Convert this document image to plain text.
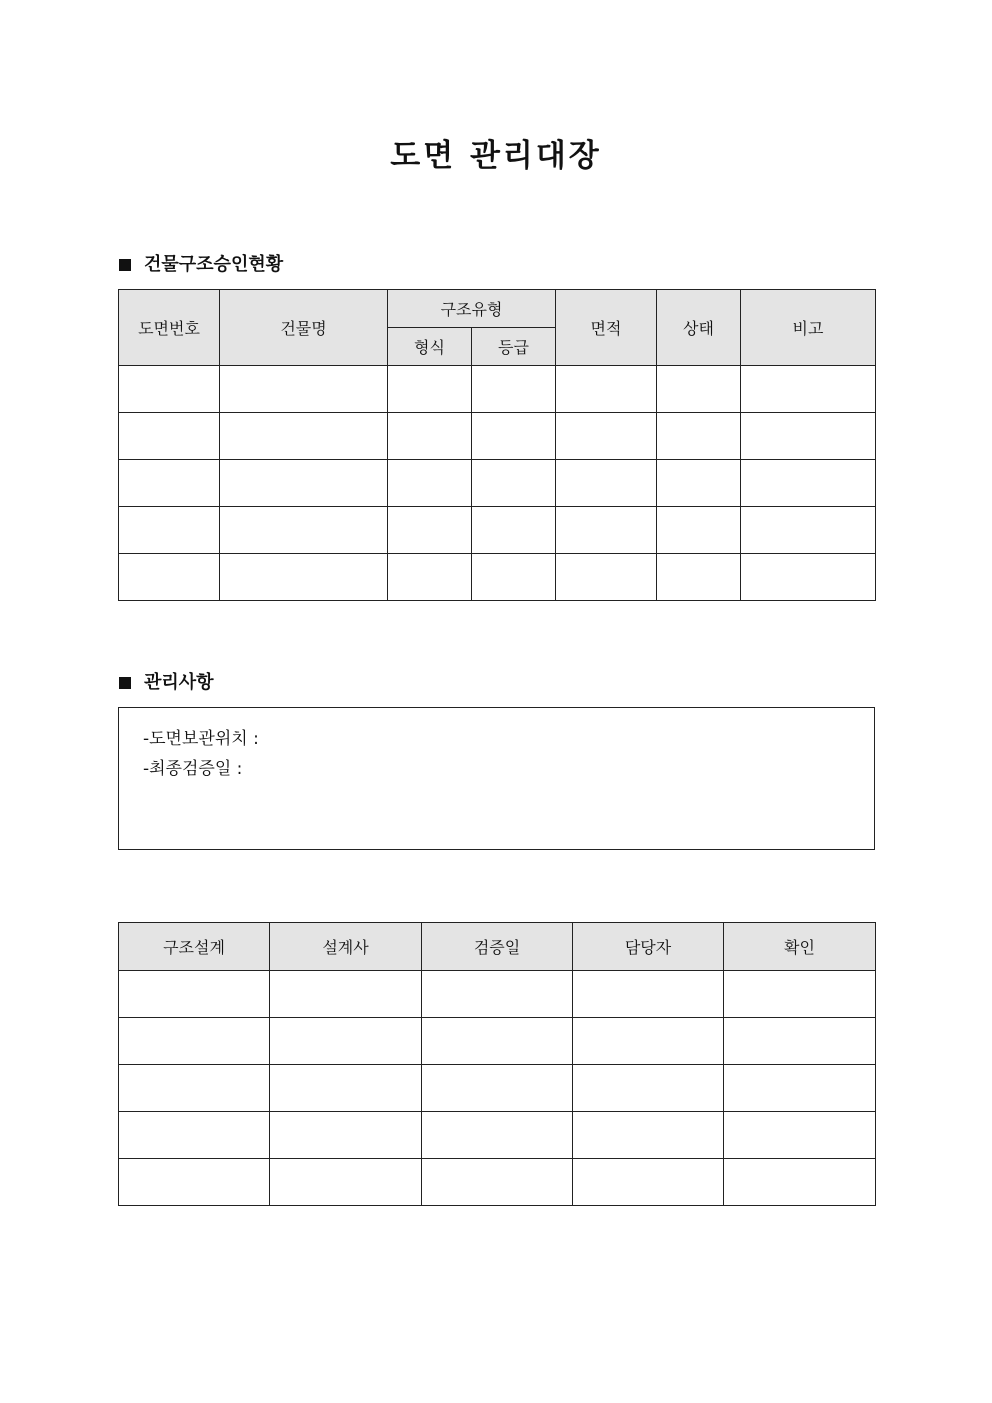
도면 관리대장
건물구조승인현황
도면번호	건물명	구조유형		면적	상태	비고
		형식	등급			

관리사항
-도면보관위치 :
-최종검증일 :
구조설계	설계사	검증일	담당자	확인
